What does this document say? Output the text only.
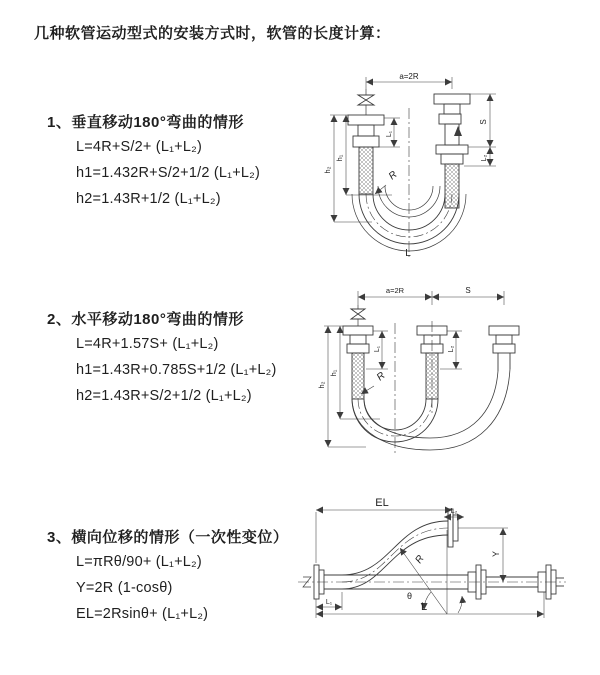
几种软管运动型式的安装方式时，软管的长度计算：
1、垂直移动180°弯曲的情形
L=4R+S/2+ (L₁+L₂)
h1=1.432R+S/2+1/2 (L₁+L₂)
h2=1.43R+1/2 (L₁+L₂)
2、水平移动180°弯曲的情形
L=4R+1.57S+ (L₁+L₂)
h1=1.43R+0.785S+1/2 (L₁+L₂)
h2=1.43R+S/2+1/2 (L₁+L₂)
3、横向位移的情形（一次性变位）
L=πRθ/90+ (L₁+L₂)
Y=2R (1-cosθ)
EL=2Rsinθ+ (L₁+L₂)
a=2R
h₂
h₁
L₁
S
L₂
R
L
a=2R	S
h₂
h₁
L₁	L₂
R
EL
L₂
Y
R
θ
L₁	L
